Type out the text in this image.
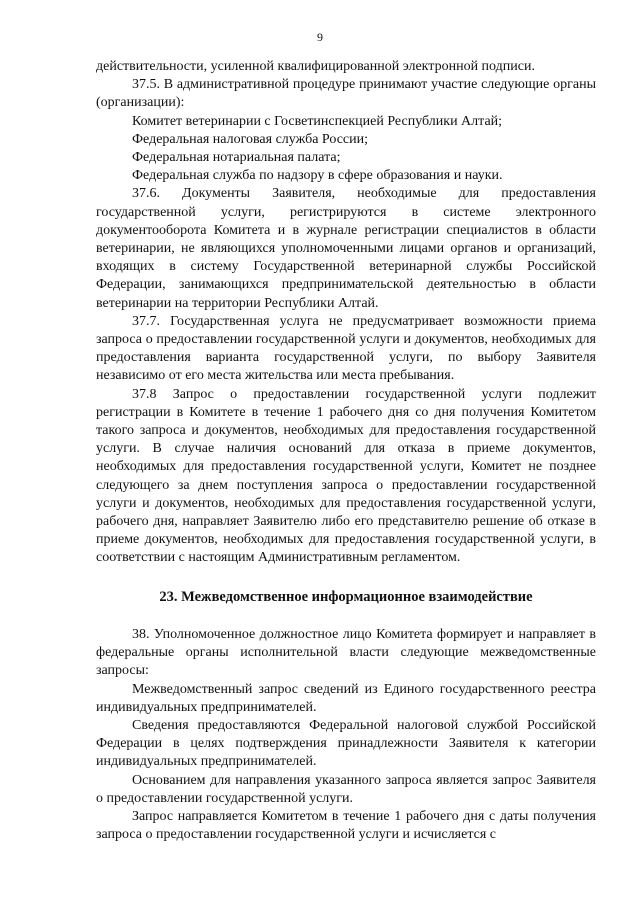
9

действительности, усиленной квалифицированной электронной подписи.

37.5. В административной процедуре принимают участие следующие органы (организации):

Комитет ветеринарии с Госветинспекцией Республики Алтай;

Федеральная налоговая служба России;

Федеральная нотариальная палата;

Федеральная служба по надзору в сфере образования и науки.

37.6. Документы Заявителя, необходимые для предоставления государственной услуги, регистрируются в системе электронного документооборота Комитета и в журнале регистрации специалистов в области ветеринарии, не являющихся уполномоченными лицами органов и организаций, входящих в систему Государственной ветеринарной службы Российской Федерации, занимающихся предпринимательской деятельностью в области ветеринарии на территории Республики Алтай.

37.7. Государственная услуга не предусматривает возможности приема запроса о предоставлении государственной услуги и документов, необходимых для предоставления варианта государственной услуги, по выбору Заявителя независимо от его места жительства или места пребывания.

37.8 Запрос о предоставлении государственной услуги подлежит регистрации в Комитете в течение 1 рабочего дня со дня получения Комитетом такого запроса и документов, необходимых для предоставления государственной услуги. В случае наличия оснований для отказа в приеме документов, необходимых для предоставления государственной услуги, Комитет не позднее следующего за днем поступления запроса о предоставлении государственной услуги и документов, необходимых для предоставления государственной услуги, рабочего дня, направляет Заявителю либо его представителю решение об отказе в приеме документов, необходимых для предоставления государственной услуги, в соответствии с настоящим Административным регламентом.

23. Межведомственное информационное взаимодействие

38. Уполномоченное должностное лицо Комитета формирует и направляет в федеральные органы исполнительной власти следующие межведомственные запросы:

Межведомственный запрос сведений из Единого государственного реестра индивидуальных предпринимателей.

Сведения предоставляются Федеральной налоговой службой Российской Федерации в целях подтверждения принадлежности Заявителя к категории индивидуальных предпринимателей.

Основанием для направления указанного запроса является запрос Заявителя о предоставлении государственной услуги.

Запрос направляется Комитетом в течение 1 рабочего дня с даты получения запроса о предоставлении государственной услуги и исчисляется с
